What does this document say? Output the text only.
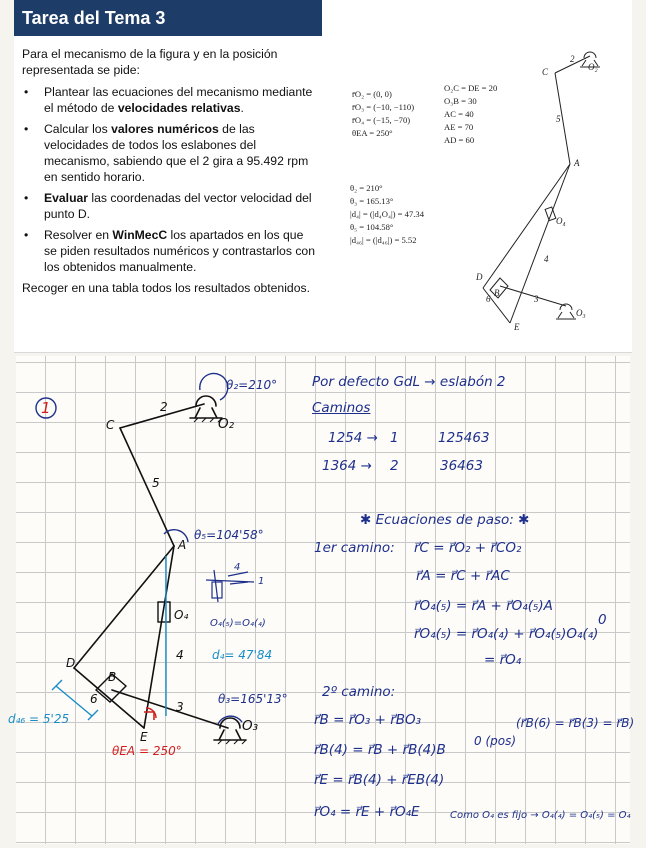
Tarea del Tema 3

Para el mecanismo de la figura y en la posición representada se pide:

• Plantear las ecuaciones del mecanismo mediante el método de velocidades relativas.
• Calcular los valores numéricos de las velocidades de todos los eslabones del mecanismo, sabiendo que el 2 gira a 95.492 rpm en sentido horario.
• Evaluar las coordenadas del vector velocidad del punto D.
• Resolver en WinMecC los apartados en los que se piden resultados numéricos y contrastarlos con los obtenidos manualmente.

Recoger en una tabla todos los resultados obtenidos.

r̄O₂ = (0, 0)
r̄O₃ = (−10, −110)
r̄O₄ = (−15, −70)
θEA = 250°
O₂C = DE = 20
O₃B = 30
AC = 40
AE = 70
AD = 60
θ₂ = 210°
θ₃ = 165.13°
|d₄| = (|d₄O₄|) = 47.34
θ₅ = 104.58°
|d₄₆| = (|d₄₆|) = 5.52
C	O₂
A
O₄
D
B
E
O₃
2
5
4
3
6
1
θ₂=210°
O₂
C
2
5
θ₅=104'58°
A
O₄
O₄(₅)=O₄(₄)
4
1
4 d₄= 47'84
D
B
6
3
θ₃=165'13°
O₃
d₄₆ = 5'25
E
θEA = 250°
Por defecto GdL → eslabón 2
Caminos
1254 → 1	125463
1364 → 2	36463
✱ Ecuaciones de paso: ✱
1er camino: r⃗C = r⃗O₂ + r⃗CO₂
r⃗A = r⃗C + r⃗AC
r⃗O₄(₅) = r⃗A + r⃗O₄(₅)A
r⃗O₄(₅) = r⃗O₄(₄) + r⃗O₄(₅)O₄(₄)
0
= r⃗O₄
2º camino:
r⃗B = r⃗O₃ + r⃗BO₃	(r⃗B(6) = r⃗B(3) = r⃗B)
r⃗B(4) = r⃗B + r⃗B(4)B
0 (pos)
r⃗E = r⃗B(4) + r⃗EB(4)
r⃗O₄ = r⃗E + r⃗O₄E	Como O₄ es fijo → O₄(₄) = O₄(₅) = O₄
